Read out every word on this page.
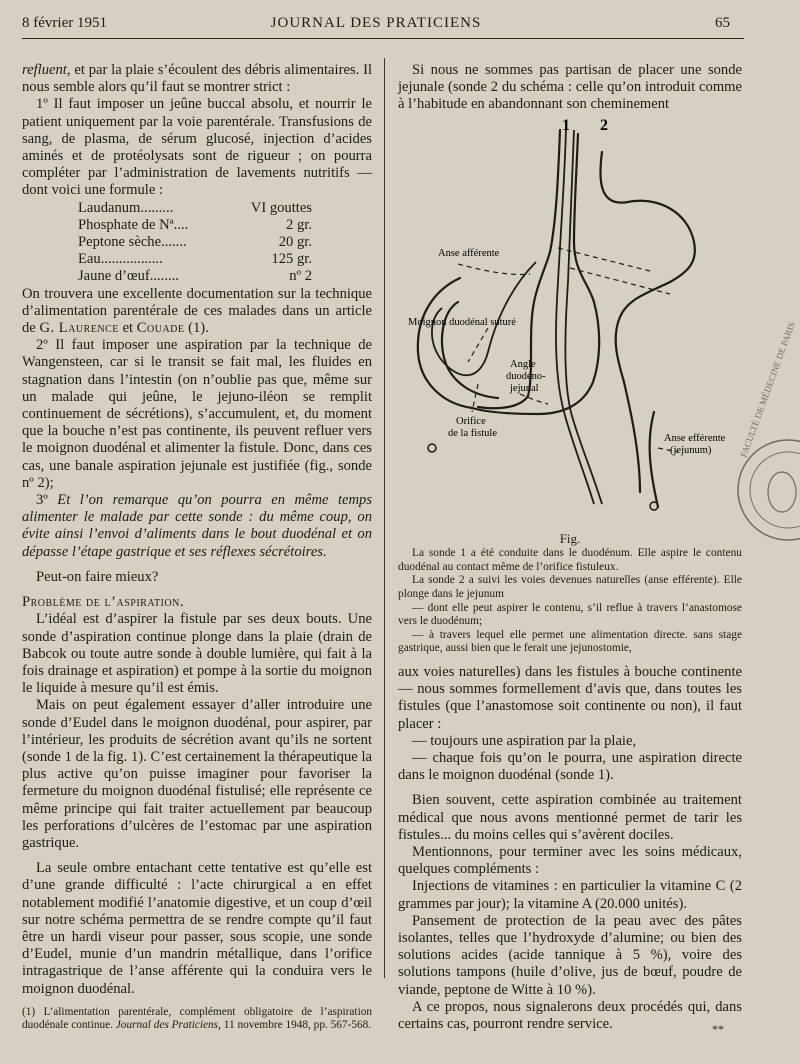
8 février 1951	JOURNAL DES PRATICIENS	65

refluent, et par la plaie s’écoulent des débris alimentaires. Il nous semble alors qu’il faut se montrer strict :

1º Il faut imposer un jeûne buccal absolu, et nourrir le patient uniquement par la voie parentérale. Transfusions de sang, de plasma, de sérum glucosé, injection d’acides aminés et de protéolysats sont de rigueur ; on pourra compléter par l’administration de lavements nutritifs — dont voici une formule :

Laudanum.........	VI gouttes
Phosphate de Nª....	2 gr.
Peptone sèche.......	20 gr.
Eau.................	125 gr.
Jaune d’œuf........	nº 2

On trouvera une excellente documentation sur la technique d’alimentation parentérale de ces malades dans un article de G. Laurence et Couade (1).

2º Il faut imposer une aspiration par la technique de Wangensteen, car si le transit se fait mal, les fluides en stagnation dans l’intestin (on n’oublie pas que, même sur un malade qui jeûne, le jejuno-iléon se remplit continuement de sécrétions), s’accumulent, et, du moment que la bouche n’est pas continente, ils peuvent refluer vers le moignon duodénal et alimenter la fistule. Donc, dans ces cas, une banale aspiration jejunale est justifiée (fig., sonde nº 2);

3º Et l’on remarque qu’on pourra en même temps alimenter le malade par cette sonde : du même coup, on évite ainsi l’envoi d’aliments dans le bout duodénal et on dépasse l’étape gastrique et ses réflexes sécrétoires.

Peut-on faire mieux?

Problème de l’aspiration.

L’idéal est d’aspirer la fistule par ses deux bouts. Une sonde d’aspiration continue plonge dans la plaie (drain de Babcok ou toute autre sonde à double lumière, qui fait à la fois drainage et aspiration) et pompe à la sortie du moignon le liquide à mesure qu’il est émis.

Mais on peut également essayer d’aller introduire une sonde d’Eudel dans le moignon duodénal, pour aspirer, par l’intérieur, les produits de sécrétion avant qu’ils ne sortent (sonde 1 de la fig. 1). C’est certainement la thérapeutique la plus active qu’on puisse imaginer pour favoriser la fermeture du moignon duodénal fistulisé; elle représente ce même principe qui fait traiter actuellement par beaucoup les perforations d’ulcères de l’estomac par une aspiration gastrique.

La seule ombre entachant cette tentative est qu’elle est d’une grande difficulté : l’acte chirurgical a en effet notablement modifié l’anatomie digestive, et un coup d’œil sur notre schéma permettra de se rendre compte qu’il faut être un hardi viseur pour passer, sous scopie, une sonde d’Eudel, munie d’un mandrin métallique, dans l’orifice intragastrique de l’anse afférente qui la conduira vers le moignon duodénal.

(1) L’alimentation parentérale, complément obligatoire de l’aspiration duodénale continue. Journal des Praticiens, 11 novembre 1948, pp. 567-568.

Si nous ne sommes pas partisan de placer une sonde jejunale (sonde 2 du schéma : celle qu’on introduit comme à l’habitude en abandonnant son cheminement

1 2
Anse afférente
Moignon duodénal suturé
Angle
duodéno-
jejunal
Orifice
de la fistule	Anse efférente
(jejunum)	FACULTÉ DE MÉDECINE DE PARIS

Fig.

La sonde 1 a été conduite dans le duodénum. Elle aspire le contenu duodénal au contact même de l’orifice fistuleux.

La sonde 2 a suivi les voies devenues naturelles (anse efférente). Elle plonge dans le jejunum

— dont elle peut aspirer le contenu, s’il reflue à travers l’anastomose vers le duodénum;

— à travers lequel elle permet une alimentation directe. sans stage gastrique, aussi bien que le ferait une jejunostomie,

aux voies naturelles) dans les fistules à bouche continente — nous sommes formellement d’avis que, dans toutes les fistules (que l’anastomose soit continente ou non), il faut placer :

— toujours une aspiration par la plaie,

— chaque fois qu’on le pourra, une aspiration directe dans le moignon duodénal (sonde 1).

Bien souvent, cette aspiration combinée au traitement médical que nous avons mentionné permet de tarir les fistules... du moins celles qui s’avèrent dociles.

Mentionnons, pour terminer avec les soins médicaux, quelques compléments :

Injections de vitamines : en particulier la vitamine C (2 grammes par jour); la vitamine A (20.000 unités).

Pansement de protection de la peau avec des pâtes isolantes, telles que l’hydroxyde d’alumine; ou bien des solutions acides (acide tannique à 5 %), voire des solutions tampons (huile d’olive, jus de bœuf, poudre de viande, peptone de Witte à 10 %).

A ce propos, nous signalerons deux procédés qui, dans certains cas, pourront rendre service.	**
